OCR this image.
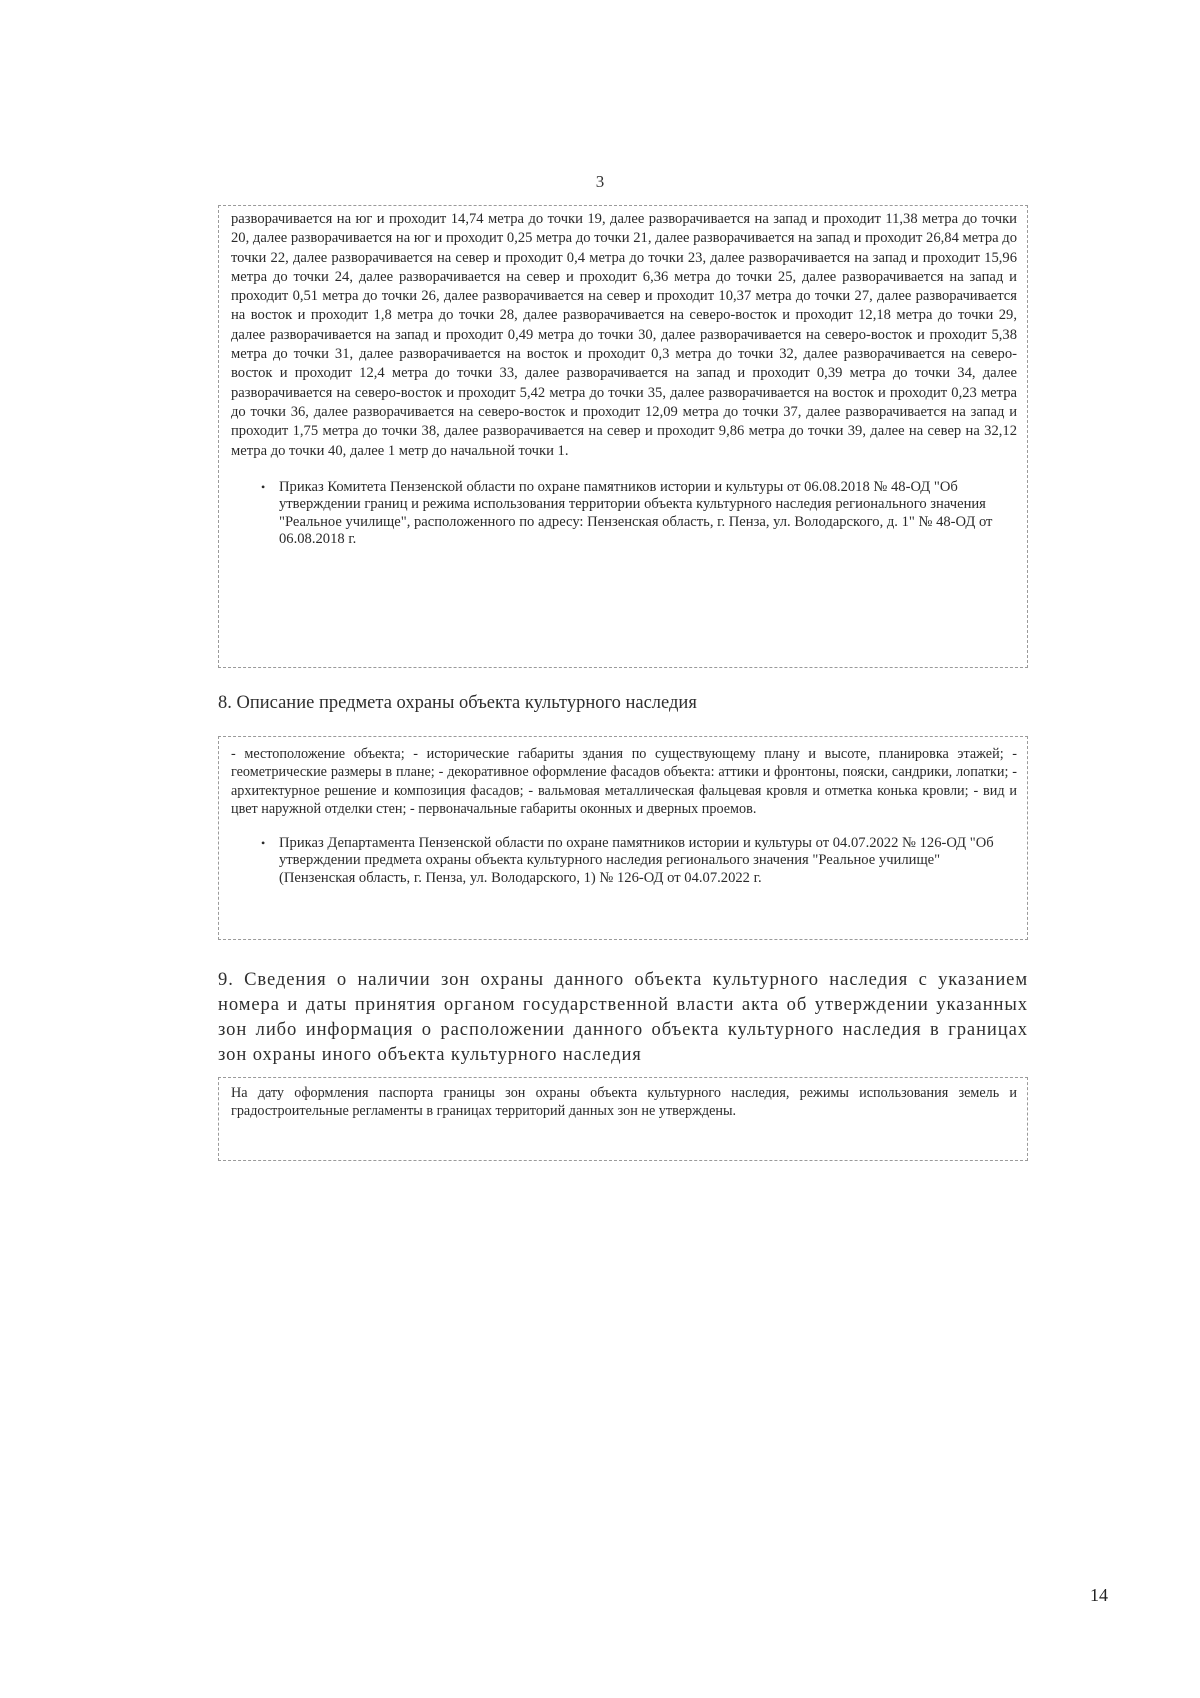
3

разворачивается на юг и проходит 14,74 метра до точки 19, далее разворачивается на запад и проходит 11,38 метра до точки 20, далее разворачивается на юг и проходит 0,25 метра до точки 21, далее разворачивается на запад и проходит 26,84 метра до точки 22, далее разворачивается на север и проходит 0,4 метра до точки 23, далее разворачивается на запад и проходит 15,96 метра до точки 24, далее разворачивается на север и проходит 6,36 метра до точки 25, далее разворачивается на запад и проходит 0,51 метра до точки 26, далее разворачивается на север и проходит 10,37 метра до точки 27, далее разворачивается на восток и проходит 1,8 метра до точки 28, далее разворачивается на северо-восток и проходит 12,18 метра до точки 29, далее разворачивается на запад и проходит 0,49 метра до точки 30, далее разворачивается на северо-восток и проходит 5,38 метра до точки 31, далее разворачивается на восток и проходит 0,3 метра до точки 32, далее разворачивается на северо-восток и проходит 12,4 метра до точки 33, далее разворачивается на запад и проходит 0,39 метра до точки 34, далее разворачивается на северо-восток и проходит 5,42 метра до точки 35, далее разворачивается на восток и проходит 0,23 метра до точки 36, далее разворачивается на северо-восток и проходит 12,09 метра до точки 37, далее разворачивается на запад и проходит 1,75 метра до точки 38, далее разворачивается на север и проходит 9,86 метра до точки 39, далее на север на 32,12 метра до точки 40, далее 1 метр до начальной точки 1.

• Приказ Комитета Пензенской области по охране памятников истории и культуры от 06.08.2018 № 48-ОД "Об утверждении границ и режима использования территории объекта культурного наследия регионального значения "Реальное училище", расположенного по адресу: Пензенская область, г. Пенза, ул. Володарского, д. 1" № 48-ОД от 06.08.2018 г.
8. Описание предмета охраны объекта культурного наследия

- местоположение объекта; - исторические габариты здания по существующему плану и высоте, планировка этажей; - геометрические размеры в плане; - декоративное оформление фасадов объекта: аттики и фронтоны, пояски, сандрики, лопатки; - архитектурное решение и композиция фасадов; - вальмовая металлическая фальцевая кровля и отметка конька кровли; - вид и цвет наружной отделки стен; - первоначальные габариты оконных и дверных проемов.

• Приказ Департамента Пензенской области по охране памятников истории и культуры от 04.07.2022 № 126-ОД "Об утверждении предмета охраны объекта культурного наследия региональого значения "Реальное училище" (Пензенская область, г. Пенза, ул. Володарского, 1) № 126-ОД от 04.07.2022 г.
9. Сведения о наличии зон охраны данного объекта культурного наследия с указанием номера и даты принятия органом государственной власти акта об утверждении указанных зон либо информация о расположении данного объекта культурного наследия в границах зон охраны иного объекта культурного наследия

На дату оформления паспорта границы зон охраны объекта культурного наследия, режимы использования земель и градостроительные регламенты в границах территорий данных зон не утверждены.

14
